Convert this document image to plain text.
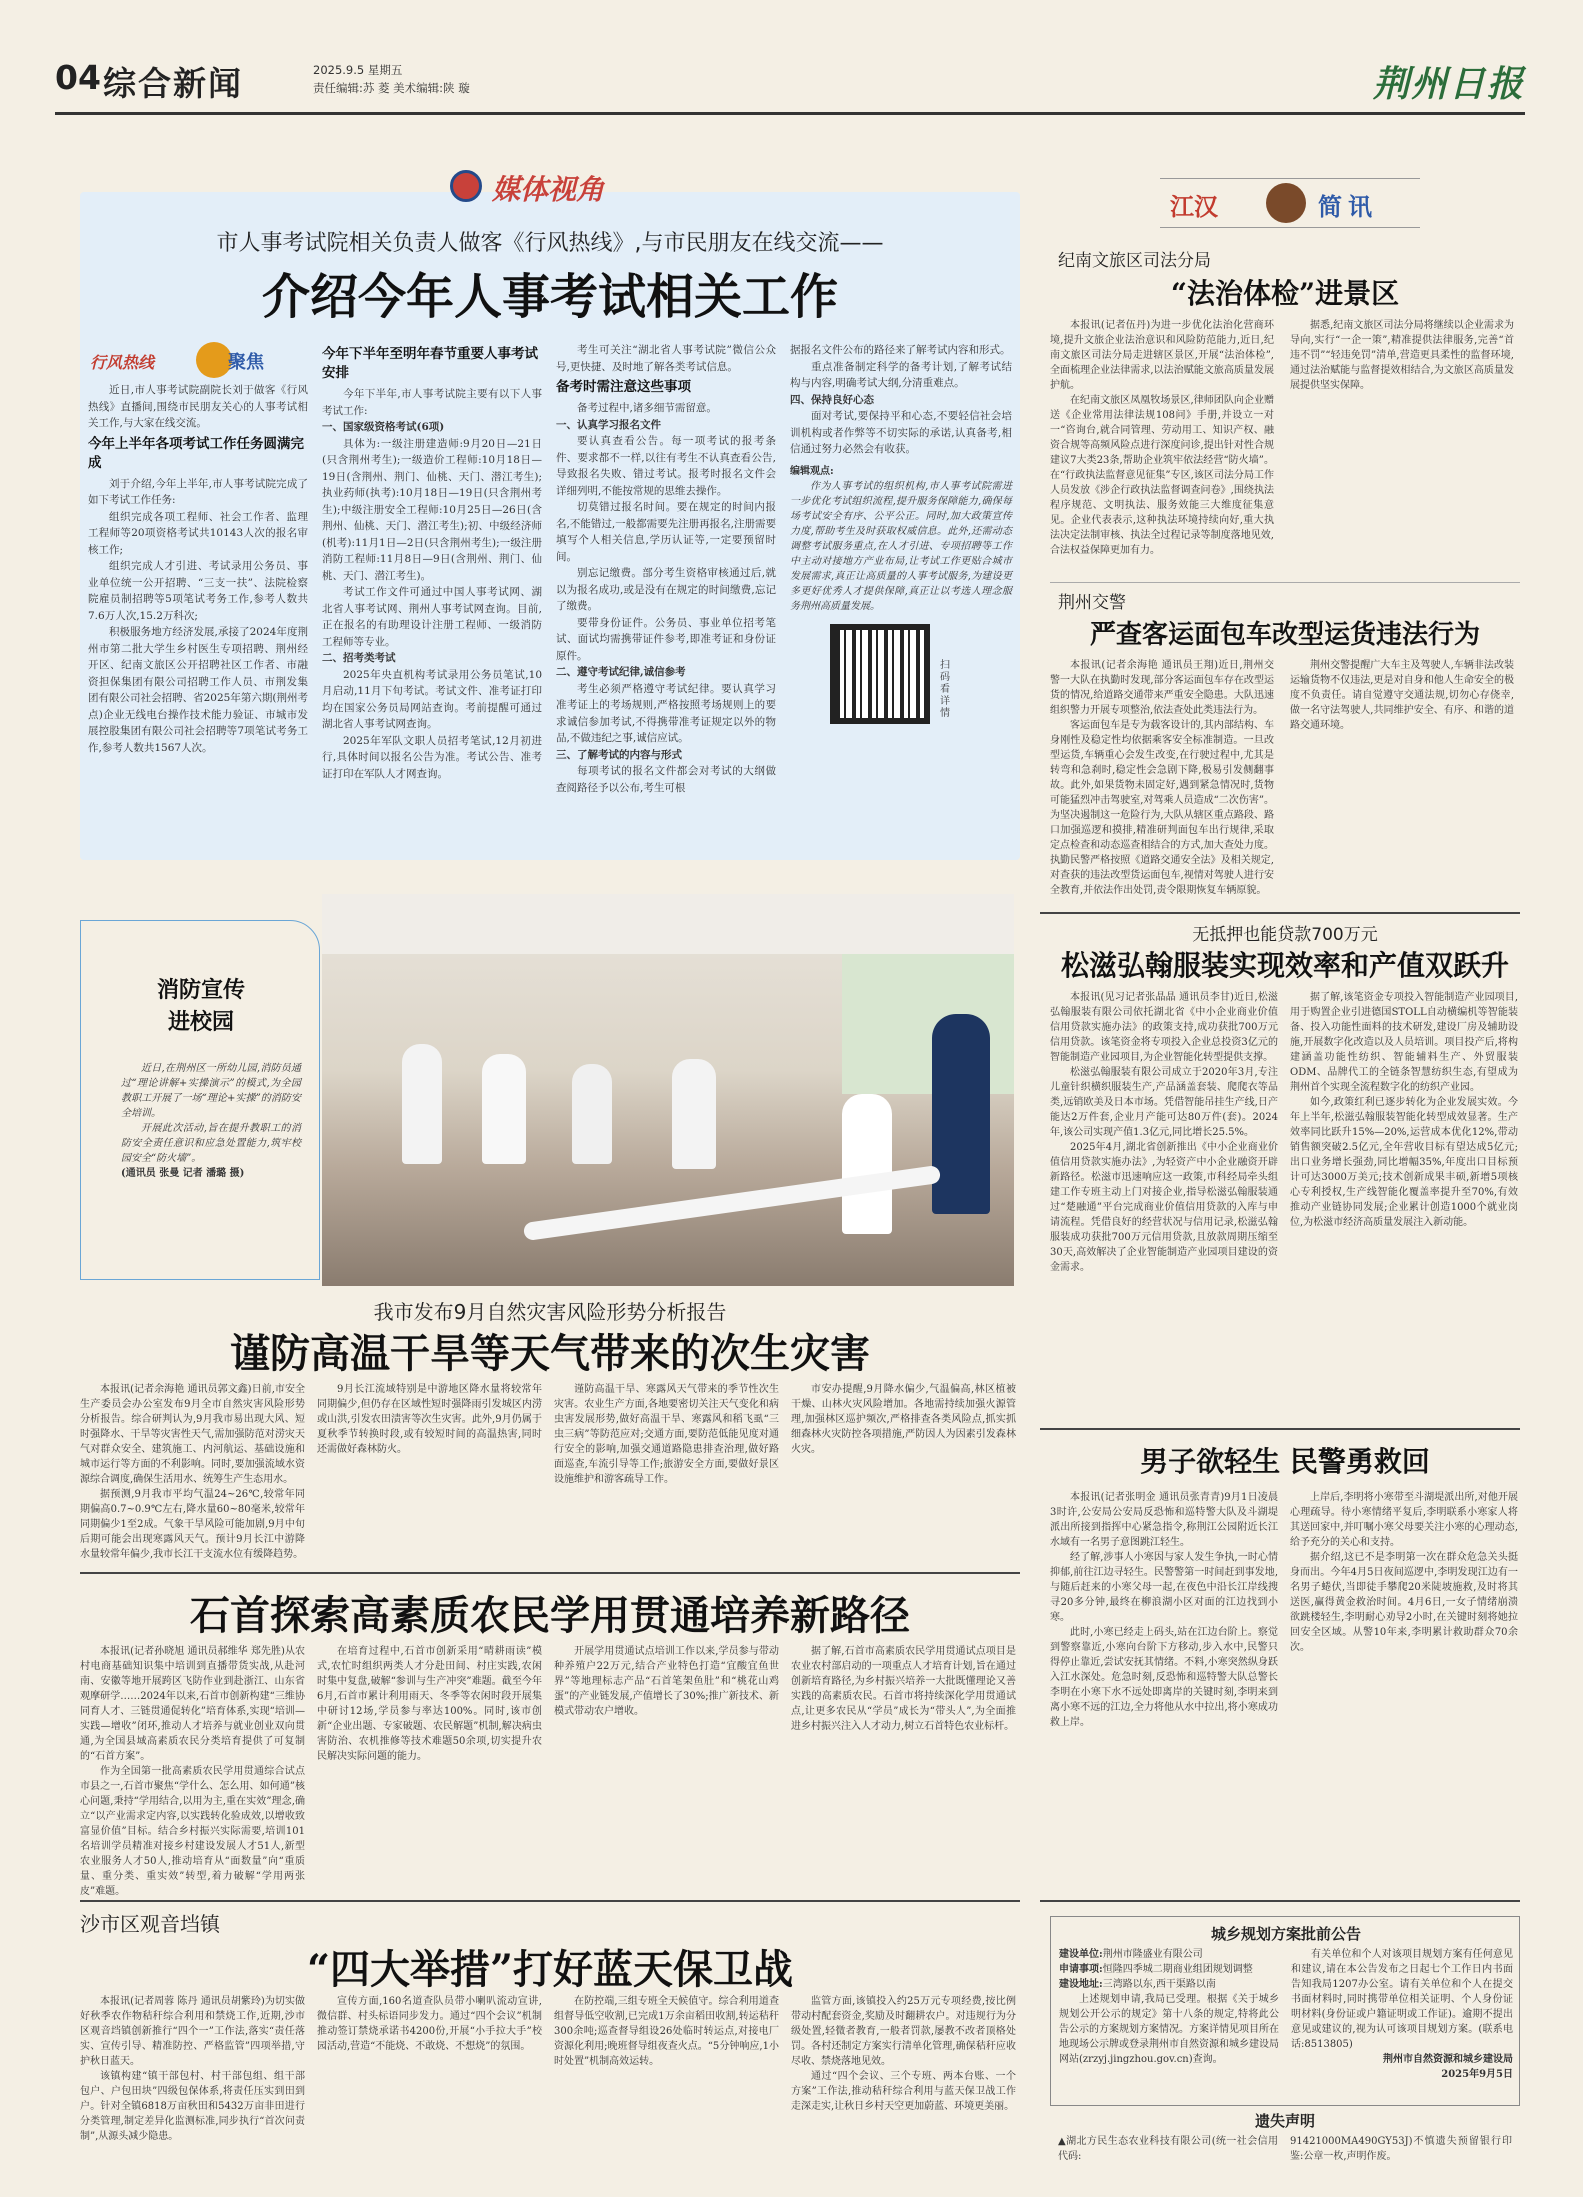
04 综合新闻	2025.9.5 星期五
责任编辑:苏 菱 美术编辑:陕 璇	荆州日报
媒体视角
市人事考试院相关负责人做客《行风热线》,与市民朋友在线交流——
介绍今年人事考试相关工作
行风热线	聚焦
近日,市人事考试院副院长刘于做客《行风热线》直播间,围绕市民朋友关心的人事考试相关工作,与大家在线交流。
今年上半年各项考试工作任务圆满完成
刘于介绍,今年上半年,市人事考试院完成了如下考试工作任务:
组织完成各项工程师、社会工作者、监理工程师等20项资格考试共10143人次的报名审核工作;
组织完成人才引进、考试录用公务员、事业单位统一公开招聘、“三支一扶”、法院检察院雇员制招聘等5项笔试考务工作,参考人数共7.6万人次,15.2万科次;
积极服务地方经济发展,承接了2024年度荆州市第二批大学生乡村医生专项招聘、荆州经开区、纪南文旅区公开招聘社区工作者、市融资担保集团有限公司招聘工作人员、市荆发集团有限公司社会招聘、省2025年第六期(荆州考点)企业无线电台操作技术能力验证、市城市发展控股集团有限公司社会招聘等7项笔试考务工作,参考人数共1567人次。
今年下半年至明年春节重要人事考试安排
今年下半年,市人事考试院主要有以下人事考试工作:
一、国家级资格考试(6项)
具体为:一级注册建造师:9月20日—21日(只含荆州考生);一级造价工程师:10月18日—19日(含荆州、荆门、仙桃、天门、潜江考生);执业药师(执考):10月18日—19日(只含荆州考生);中级注册安全工程师:10月25日—26日(含荆州、仙桃、天门、潜江考生);初、中级经济师(机考):11月1日—2日(只含荆州考生);一级注册消防工程师:11月8日—9日(含荆州、荆门、仙桃、天门、潜江考生)。
考试工作文件可通过中国人事考试网、湖北省人事考试网、荆州人事考试网查询。目前,正在报名的有助理设计注册工程师、一级消防工程师等专业。
二、招考类考试
2025年央直机构考试录用公务员笔试,10月启动,11月下旬考试。考试文件、准考证打印均在国家公务员局网站查询。考前提醒可通过湖北省人事考试网查询。
2025年军队文职人员招考笔试,12月初进行,具体时间以报名公告为准。考试公告、准考证打印在军队人才网查询。
考生可关注“湖北省人事考试院”微信公众号,更快捷、及时地了解各类考试信息。
备考时需注意这些事项
备考过程中,诸多细节需留意。
一、认真学习报名文件
要认真查看公告。每一项考试的报考条件、要求都不一样,以往有考生不认真查看公告,导致报名失败、错过考试。报考时报名文件会详细列明,不能按常规的思维去操作。
切莫错过报名时间。要在规定的时间内报名,不能错过,一般都需要先注册再报名,注册需要填写个人相关信息,学历认证等,一定要预留时间。
别忘记缴费。部分考生资格审核通过后,就以为报名成功,或是没有在规定的时间缴费,忘记了缴费。
要带身份证件。公务员、事业单位招考笔试、面试均需携带证件参考,即准考证和身份证原件。
二、遵守考试纪律,诚信参考
考生必须严格遵守考试纪律。要认真学习准考证上的考场规则,严格按照考场规则上的要求诚信参加考试,不得携带准考证规定以外的物品,不做违纪之事,诚信应试。
三、了解考试的内容与形式
每项考试的报名文件都会对考试的大纲做查阅路径予以公布,考生可根
据报名文件公布的路径来了解考试内容和形式。
重点准备制定科学的备考计划,了解考试结构与内容,明确考试大纲,分清重难点。
四、保持良好心态
面对考试,要保持平和心态,不要轻信社会培训机构或者作弊等不切实际的承诺,认真备考,相信通过努力必然会有收获。
编辑观点:
作为人事考试的组织机构,市人事考试院需进一步优化考试组织流程,提升服务保障能力,确保每场考试安全有序、公平公正。同时,加大政策宣传力度,帮助考生及时获取权威信息。此外,还需动态调整考试服务重点,在人才引进、专项招聘等工作中主动对接地方产业布局,让考试工作更贴合城市发展需求,真正让高质量的人事考试服务,为建设更多更好优秀人才提供保障,真正让以考选人理念服务荆州高质量发展。
扫码看详情
江汉	简讯
纪南文旅区司法分局
“法治体检”进景区
本报讯(记者伍丹)为进一步优化法治化营商环境,提升文旅企业法治意识和风险防范能力,近日,纪南文旅区司法分局走进辖区景区,开展“法治体检”,全面梳理企业法律需求,以法治赋能文旅高质量发展护航。
在纪南文旅区凤凰牧场景区,律师团队向企业赠送《企业常用法律法规108问》手册,并设立一对一“咨询台,就合同管理、劳动用工、知识产权、融资合规等高频风险点进行深度问诊,提出针对性合规建议7大类23条,帮助企业筑牢依法经营“防火墙”。在“行政执法监督意见征集”专区,该区司法分局工作人员发放《涉企行政执法监督调查问卷》,围绕执法程序规范、文明执法、服务效能三大维度征集意见。企业代表表示,这种执法环境持续向好,重大执法决定法制审核、执法全过程记录等制度落地见效,合法权益保障更加有力。
据悉,纪南文旅区司法分局将继续以企业需求为导向,实行“一企一策”,精准提供法律服务,完善“首违不罚”“轻违免罚”清单,营造更具柔性的监督环境,通过法治赋能与监督提效相结合,为文旅区高质量发展提供坚实保障。
荆州交警
严查客运面包车改型运货违法行为
本报讯(记者余海艳 通讯员王翔)近日,荆州交警一大队在执勤时发现,部分客运面包车存在改型运货的情况,给道路交通带来严重安全隐患。大队迅速组织警力开展专项整治,依法查处此类违法行为。
客运面包车是专为载客设计的,其内部结构、车身刚性及稳定性均依据乘客安全标准制造。一旦改型运货,车辆重心会发生改变,在行驶过程中,尤其是转弯和急刹时,稳定性会急剧下降,极易引发侧翻事故。此外,如果货物未固定好,遇到紧急情况时,货物可能猛烈冲击驾驶室,对驾乘人员造成“二次伤害”。为坚决遏制这一危险行为,大队从辖区重点路段、路口加强巡逻和摸排,精准研判面包车出行规律,采取定点检查和动态巡查相结合的方式,加大查处力度。执勤民警严格按照《道路交通安全法》及相关规定,对查获的违法改型货运面包车,视情对驾驶人进行安全教育,并依法作出处罚,责令限期恢复车辆原貌。
荆州交警提醒广大车主及驾驶人,车辆非法改装运输货物不仅违法,更是对自身和他人生命安全的极度不负责任。请自觉遵守交通法规,切勿心存侥幸,做一名守法驾驶人,共同维护安全、有序、和谐的道路交通环境。
无抵押也能贷款700万元
松滋弘翰服装实现效率和产值双跃升
本报讯(见习记者张晶晶 通讯员李甘)近日,松滋弘翰服装有限公司依托湖北省《中小企业商业价值信用贷款实施办法》的政策支持,成功获批700万元信用贷款。该笔资金将专项投入企业总投资3亿元的智能制造产业园项目,为企业智能化转型提供支撑。
松滋弘翰服装有限公司成立于2020年3月,专注儿童针织横织服装生产,产品涵盖套装、爬爬衣等品类,远销欧美及日本市场。凭借智能吊挂生产线,日产能达2万件套,企业月产能可达80万件(套)。2024年,该公司实现产值1.3亿元,同比增长25.5%。
2025年4月,湖北省创新推出《中小企业商业价值信用贷款实施办法》,为轻资产中小企业融资开辟新路径。松滋市迅速响应这一政策,市科经局牵头组建工作专班主动上门对接企业,指导松滋弘翰服装通过“楚融通”平台完成商业价值信用贷款的入库与申请流程。凭借良好的经营状况与信用记录,松滋弘翰服装成功获批700万元信用贷款,且放款周期压缩至30天,高效解决了企业智能制造产业园项目建设的资金需求。
据了解,该笔资金专项投入智能制造产业园项目,用于购置企业引进德国STOLL自动横编机等智能装备、投入功能性面料的技术研发,建设厂房及辅助设施,开展数字化改造以及人员培训。项目投产后,将构建涵盖功能性纺织、智能辅料生产、外贸服装ODM、品牌代工的全链条智慧纺织生态,有望成为荆州首个实现全流程数字化的纺织产业园。
如今,政策红利已逐步转化为企业发展实效。今年上半年,松滋弘翰服装智能化转型成效显著。生产效率同比跃升15%—20%,运营成本优化12%,带动销售额突破2.5亿元,全年营收目标有望达成5亿元;出口业务增长强劲,同比增幅35%,年度出口目标预计可达3000万美元;技术创新成果丰硕,新增5项核心专利授权,生产线智能化覆盖率提升至70%,有效推动产业链协同发展;企业累计创造1000个就业岗位,为松滋市经济高质量发展注入新动能。
消防宣传
进校园
近日,在荆州区一所幼儿园,消防员通过“理论讲解+实操演示”的模式,为全园教职工开展了一场“理论+实操”的消防安全培训。
开展此次活动,旨在提升教职工的消防安全责任意识和应急处置能力,筑牢校园安全“防火墙”。
(通讯员 张曼 记者 潘璐 摄)
我市发布9月自然灾害风险形势分析报告
谨防高温干旱等天气带来的次生灾害
本报讯(记者余海艳 通讯员郭文鑫)日前,市安全生产委员会办公室发布9月全市自然灾害风险形势分析报告。综合研判认为,9月我市易出现大风、短时强降水、干旱等灾害性天气,需加强防范对涝灾天气对群众安全、建筑施工、内河航运、基础设施和城市运行等方面的不利影响。同时,要加强流域水资源综合调度,确保生活用水、统筹生产生态用水。
据预测,9月我市平均气温24~26℃,较常年同期偏高0.7~0.9℃左右,降水量60~80毫米,较常年同期偏少1至2成。气象干旱风险可能加剧,9月中旬后期可能会出现寒露风天气。预计9月长江中游降水量较常年偏少,我市长江干支流水位有缓降趋势。
9月长江流域特别是中游地区降水量将较常年同期偏少,但仍存在区域性短时强降雨引发城区内涝或山洪,引发农田渍害等次生灾害。此外,9月仍属于夏秋季节转换时段,或有较短时间的高温热害,同时还需做好森林防火。
谨防高温干旱、寒露风天气带来的季节性次生灾害。农业生产方面,各地要密切关注天气变化和病虫害发展形势,做好高温干旱、寒露风和稻飞虱“三虫三病”等防范应对;交通方面,要防范低能见度对通行安全的影响,加强交通道路隐患排查治理,做好路面巡查,车流引导等工作;旅游安全方面,要做好景区设施维护和游客疏导工作。
市安办提醒,9月降水偏少,气温偏高,林区植被干燥、山林火灾风险增加。各地需持续加强火源管理,加强林区巡护频次,严格排查各类风险点,抓实抓细森林火灾防控各项措施,严防因人为因素引发森林火灾。	男子欲轻生 民警勇救回
本报讯(记者张明金 通讯员张青青)9月1日凌晨3时许,公安局公安局反恐怖和巡特警大队及斗湖堤派出所接到指挥中心紧急指令,称荆江公园附近长江水域有一名男子意图跳江轻生。
经了解,涉事人小寒因与家人发生争执,一时心情抑郁,前往江边寻轻生。民警警第一时间赶到事发地,与随后赶来的小寒父母一起,在夜色中沿长江岸线搜寻20多分钟,最终在柳浪湖小区对面的江边找到小寒。
此时,小寒已经走上码头,站在江边台阶上。察觉到警察靠近,小寒向台阶下方移动,步入水中,民警只得停止靠近,尝试安抚其情绪。不料,小寒突然纵身跃入江水深处。危急时刻,反恐怖和巡特警大队总警长李明在小寒下水不远处即离岸的关键时刻,李明来到离小寒不远的江边,全力将他从水中拉出,将小寒成功救上岸。
上岸后,李明将小寒带至斗湖堤派出所,对他开展心理疏导。待小寒情绪平复后,李明联系小寒家人将其送回家中,并叮嘱小寒父母要关注小寒的心理动态,给予充分的关心和支持。
据介绍,这已不是李明第一次在群众危急关头挺身而出。今年4月5日夜间巡逻中,李明发现江边有一名男子蜷伏,当即徒手攀爬20米陡坡施救,及时将其送医,赢得黄金救治时间。4月6日,一女子情绪崩溃欲跳楼轻生,李明耐心劝导2小时,在关键时刻将她拉回安全区域。从警10年来,李明累计救助群众70余次。
石首探索高素质农民学用贯通培养新路径
本报讯(记者孙晓旭 通讯员郝维华 郑先胜)从农村电商基础知识集中培训到直播带货实战,从赴河南、安徽等地开展跨区飞防作业到赴浙江、山东省观摩研学……2024年以来,石首市创新构建“三维协同育人才、三链贯通促转化”培育体系,实现“培训—实践—增收”闭环,推动人才培养与就业创业双向贯通,为全国县域高素质农民分类培育提供了可复制的“石首方案”。
作为全国第一批高素质农民学用贯通综合试点市县之一,石首市聚焦“学什么、怎么用、如何通”核心问题,秉持“学用结合,以用为主,重在实效”理念,确立“以产业需求定内容,以实践转化验成效,以增收致富显价值”目标。结合乡村振兴实际需要,培训101名培训学员精准对接乡村建设发展人才51人,新型农业服务人才50人,推动培育从“面数量”向“重质量、重分类、重实效”转型,着力破解“学用两张皮”难题。
在培育过程中,石首市创新采用“晴耕雨读”模式,农忙时组织两类人才分赴田间、村庄实践,农闲时集中复盘,破解“参训与生产冲突”难题。截至今年6月,石首市累计利用雨天、冬季等农闲时段开展集中研讨12场,学员参与率达100%。同时,该市创新“企业出题、专家破题、农民解题”机制,解决病虫害防治、农机推修等技术难题50余项,切实提升农民解决实际问题的能力。
开展学用贯通试点培训工作以来,学员参与带动种养殖户22万元,结合产业特色打造“宜酸宜鱼世界”等地理标志产品“石首笔架鱼肚”和“桃花山鸡蛋”的产业链发展,产值增长了30%;推广新技术、新模式带动农户增收。
据了解,石首市高素质农民学用贯通试点项目是农业农村部启动的一项重点人才培育计划,旨在通过创新培育路径,为乡村振兴培养一大批既懂理论又善实践的高素质农民。石首市将持续深化学用贯通试点,让更多农民从“学员”成长为“带头人”,为全面推进乡村振兴注入人才动力,树立石首特色农业标杆。
沙市区观音垱镇
“四大举措”打好蓝天保卫战
本报讯(记者周蓉 陈丹 通讯员胡紫玲)为切实做好秋季农作物秸秆综合利用和禁烧工作,近期,沙市区观音垱镇创新推行“四个一”工作法,落实“责任落实、宣传引导、精准防控、严格监管”四项举措,守护秋日蓝天。
该镇构建“镇干部包村、村干部包组、组干部包户、户包田块”四级包保体系,将责任压实到田到户。针对全镇6818万亩秋田和5432万亩非田进行分类管理,制定差异化监测标准,同步执行“首次问责制”,从源头减少隐患。
宣传方面,160名道查队员带小喇叭流动宣讲,微信群、村头标语同步发力。通过“四个会议”机制推动签订禁烧承诺书4200份,开展“小手拉大手”校园活动,营造“不能烧、不敢烧、不想烧”的氛围。
在防控端,三组专班全天候值守。综合利用道查组督导低空收割,已完成1万余亩稻田收割,转运秸秆300余吨;巡查督导组设26处临时转运点,对接电厂资源化利用;晚班督导组夜查火点。“5分钟响应,1小时处置”机制高效运转。
监管方面,该镇投入约25万元专项经费,按比例带动村配套资金,奖励及时翻耕农户。对违规行为分级处置,轻微者教育,一般者罚款,屡教不改者顶格处罚。各村还制定方案实行清单化管理,确保秸秆应收尽收、禁烧落地见效。
通过“四个会议、三个专班、两本台账、一个方案”工作法,推动秸秆综合利用与蓝天保卫战工作走深走实,让秋日乡村天空更加蔚蓝、环境更美丽。
城乡规划方案批前公告
建设单位:荆州市隆盛业有限公司
申请事项:恒隆四季城二期商业组团规划调整
建设地址:三湾路以东,西干渠路以南
上述规划申请,我局已受理。根据《关于城乡规划公开公示的规定》第十八条的规定,特将此公告公示的方案规划方案情况。方案详情见项目所在地现场公示牌或登录荆州市自然资源和城乡建设局网站(zrzyj.jingzhou.gov.cn)查询。
有关单位和个人对该项目规划方案有任何意见和建议,请在本公告发布之日起七个工作日内书面告知我局1207办公室。请有关单位和个人在提交书面材料时,同时携带单位相关证明、个人身份证明材料(身份证或户籍证明或工作证)。逾期不提出意见或建议的,视为认可该项目规划方案。(联系电话:8513805)
荆州市自然资源和城乡建设局
2025年9月5日
遗失声明
▲湖北方民生态农业科技有限公司(统一社会信用代码:
91421000MA490GY53J)不慎遗失预留银行印鉴:公章一枚,声明作废。
